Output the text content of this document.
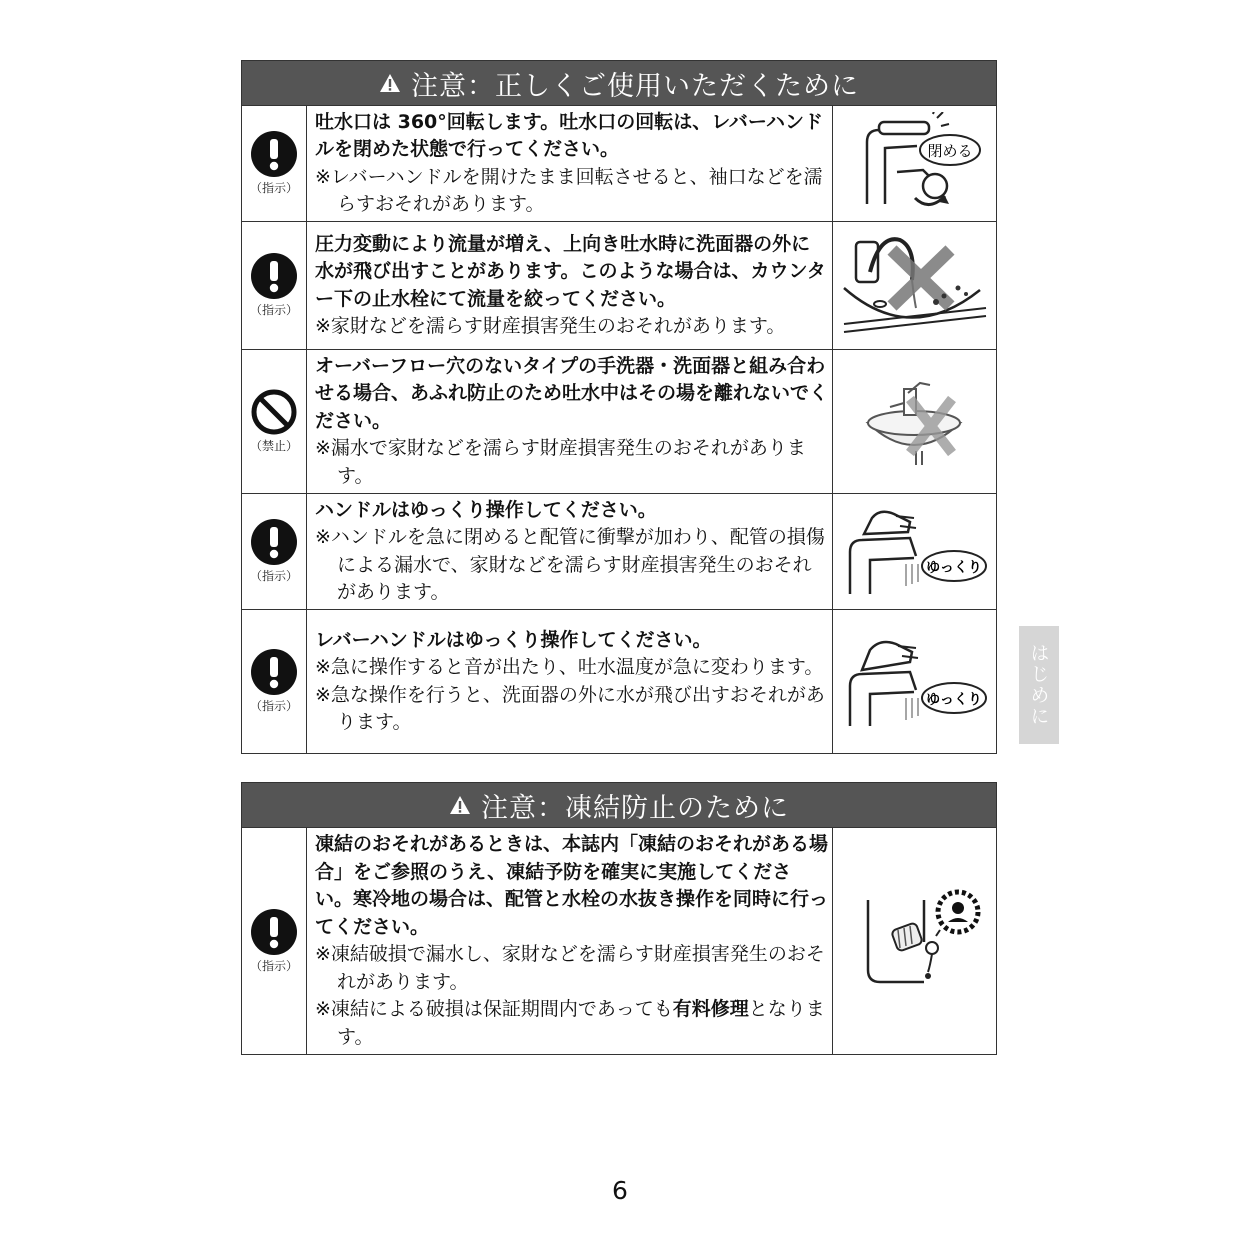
注意：正しくご使用いただくために
（指示）
吐水口は 360°回転します。吐水口の回転は、レバーハンドルを閉めた状態で行ってください。
※レバーハンドルを開けたまま回転させると、袖口などを濡らすおそれがあります。
閉める
（指示）
圧力変動により流量が増え、上向き吐水時に洗面器の外に水が飛び出すことがあります。このような場合は、カウンター下の止水栓にて流量を絞ってください。
※家財などを濡らす財産損害発生のおそれがあります。
（禁止）
オーバーフロー穴のないタイプの手洗器・洗面器と組み合わせる場合、あふれ防止のため吐水中はその場を離れないでください。
※漏水で家財などを濡らす財産損害発生のおそれがあります。
（指示）
ハンドルはゆっくり操作してください。
※ハンドルを急に閉めると配管に衝撃が加わり、配管の損傷による漏水で、家財などを濡らす財産損害発生のおそれがあります。
ゆっくり
（指示）
レバーハンドルはゆっくり操作してください。
※急に操作すると音が出たり、吐水温度が急に変わります。
※急な操作を行うと、洗面器の外に水が飛び出すおそれがあります。
ゆっくり
注意：凍結防止のために
（指示）
凍結のおそれがあるときは、本誌内「凍結のおそれがある場合」をご参照のうえ、凍結予防を確実に実施してください。寒冷地の場合は、配管と水栓の水抜き操作を同時に行ってください。
※凍結破損で漏水し、家財などを濡らす財産損害発生のおそれがあります。
※凍結による破損は保証期間内であっても有料修理となります。
はじめに
6
